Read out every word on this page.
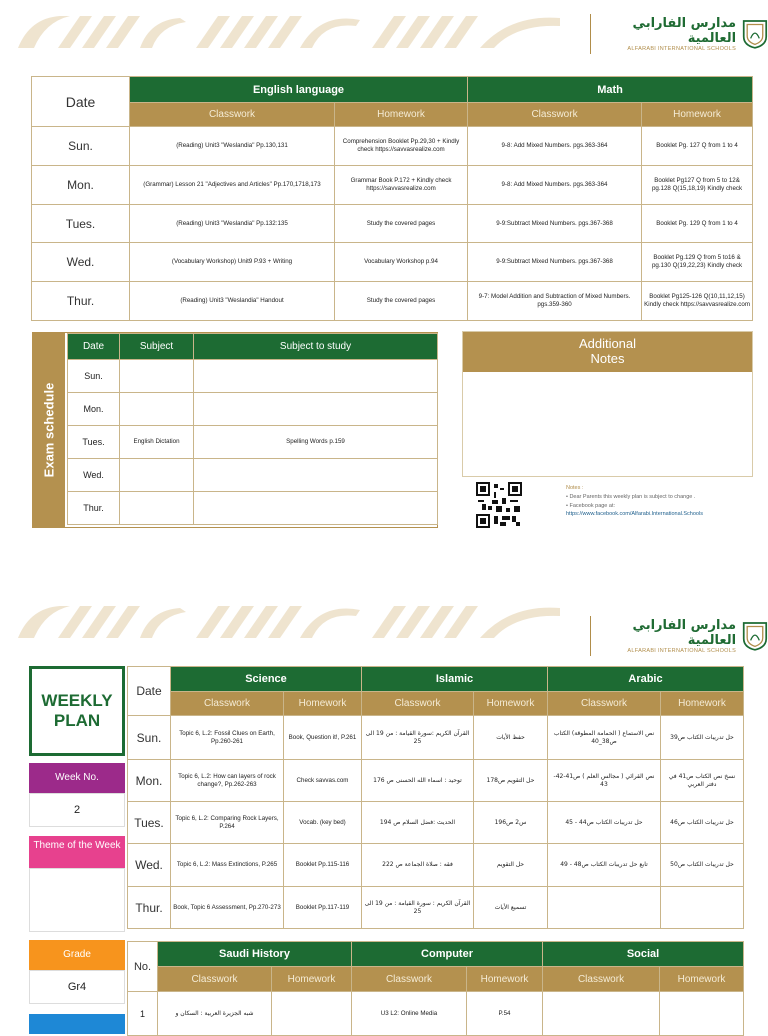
مدارس الفارابي العالمية
ALFARABI INTERNATIONAL SCHOOLS
Date	English language		Math	
	Classwork	Homework	Classwork	Homework
Sun.	(Reading) Unit3 "Weslandia" Pp.130,131	Comprehension Booklet Pp.29,30 + Kindly check https://savvasrealize.com	9-8: Add Mixed Numbers. pgs.363-364	Booklet Pg. 127 Q from 1 to 4
Mon.	(Grammar) Lesson 21 "Adjectives and Articles" Pp.170,1718,173	Grammar Book P.172 + Kindly check https://savvasrealize.com	9-8: Add Mixed Numbers. pgs.363-364	Booklet Pg127 Q from 5 to 12& pg.128 Q(15,18,19) Kindly check
Tues.	(Reading) Unit3 "Weslandia" Pp.132:135	Study the covered pages	9-9:Subtract Mixed Numbers. pgs.367-368	Booklet Pg. 129 Q from 1 to 4
Wed.	(Vocabulary Workshop) Unit9 P.93 + Writing	Vocabulary Workshop p.94	9-9:Subtract Mixed Numbers. pgs.367-368	Booklet Pg.129 Q from 5 to16 & pg.130 Q(19,22,23) Kindly check
Thur.	(Reading) Unit3 "Weslandia" Handout	Study the covered pages	9-7: Model Addition and Subtraction of Mixed Numbers. pgs.359-360	Booklet Pg125-126 Q(10,11,12,15) Kindly check https://savvasrealize.com
Exam schedule
Date	Subject	Subject to study
Sun.		
Mon.		
Tues.	English Dictation	Spelling Words p.159
Wed.		
Thur.		
Additional
Notes
Notes :
• Dear Parents this weekly plan is subject to change .
• Facebook page at:
https://www.facebook.com/Alfarabi.International.Schools
مدارس الفارابي العالمية
ALFARABI INTERNATIONAL SCHOOLS
WEEKLY
PLAN
Week No.
2
Theme of the Week
Grade
Gr4
Date	Science		Islamic		Arabic	
	Classwork	Homework	Classwork	Homework	Classwork	Homework
Sun.	Topic 6, L.2: Fossil Clues on Earth, Pp.260-261	Book, Question it!, P.261	القرآن الكريم :سورة القيامة : من 19 الى 25	حفظ الأيات	نص الاستماع ( الحمامة المطوقة) الكتاب ص38_40	حل تدريبات الكتاب ص39
Mon.	Topic 6, L.2: How can layers of rock change?, Pp.262-263	Check savvas.com	توحيد : اسماء الله الحسنى ص 176	حل التقويم ص178	نص القرائي ( مجالس العلم ) ص41-42-43	نسخ نص الكتاب ص41 في دفتر العربي
Tues.	Topic 6, L.2: Comparing Rock Layers, P.264	Vocab. (key bed)	الحديث :فضل السلام ص 194	س2 ص196	حل تدريبات الكتاب ص44 - 45	حل تدريبات الكتاب ص46
Wed.	Topic 6, L.2: Mass Extinctions, P.265	Booklet Pp.115-116	فقه : صلاة الجماعة ص 222	حل التقويم	تابع حل تدريبات الكتاب ص48 - 49	حل تدريبات الكتاب ص50
Thur.	Book, Topic 6 Assessment, Pp.270-273	Booklet Pp.117-119	القرآن الكريم : سورة القيامة : من 19 الى 25	تسميع الأيات		
No.	Saudi History		Computer		Social	
	Classwork	Homework	Classwork	Homework	Classwork	Homework
1	شبه الجزيرة العربية : السكان و		U3 L2: Online Media	P.54		
